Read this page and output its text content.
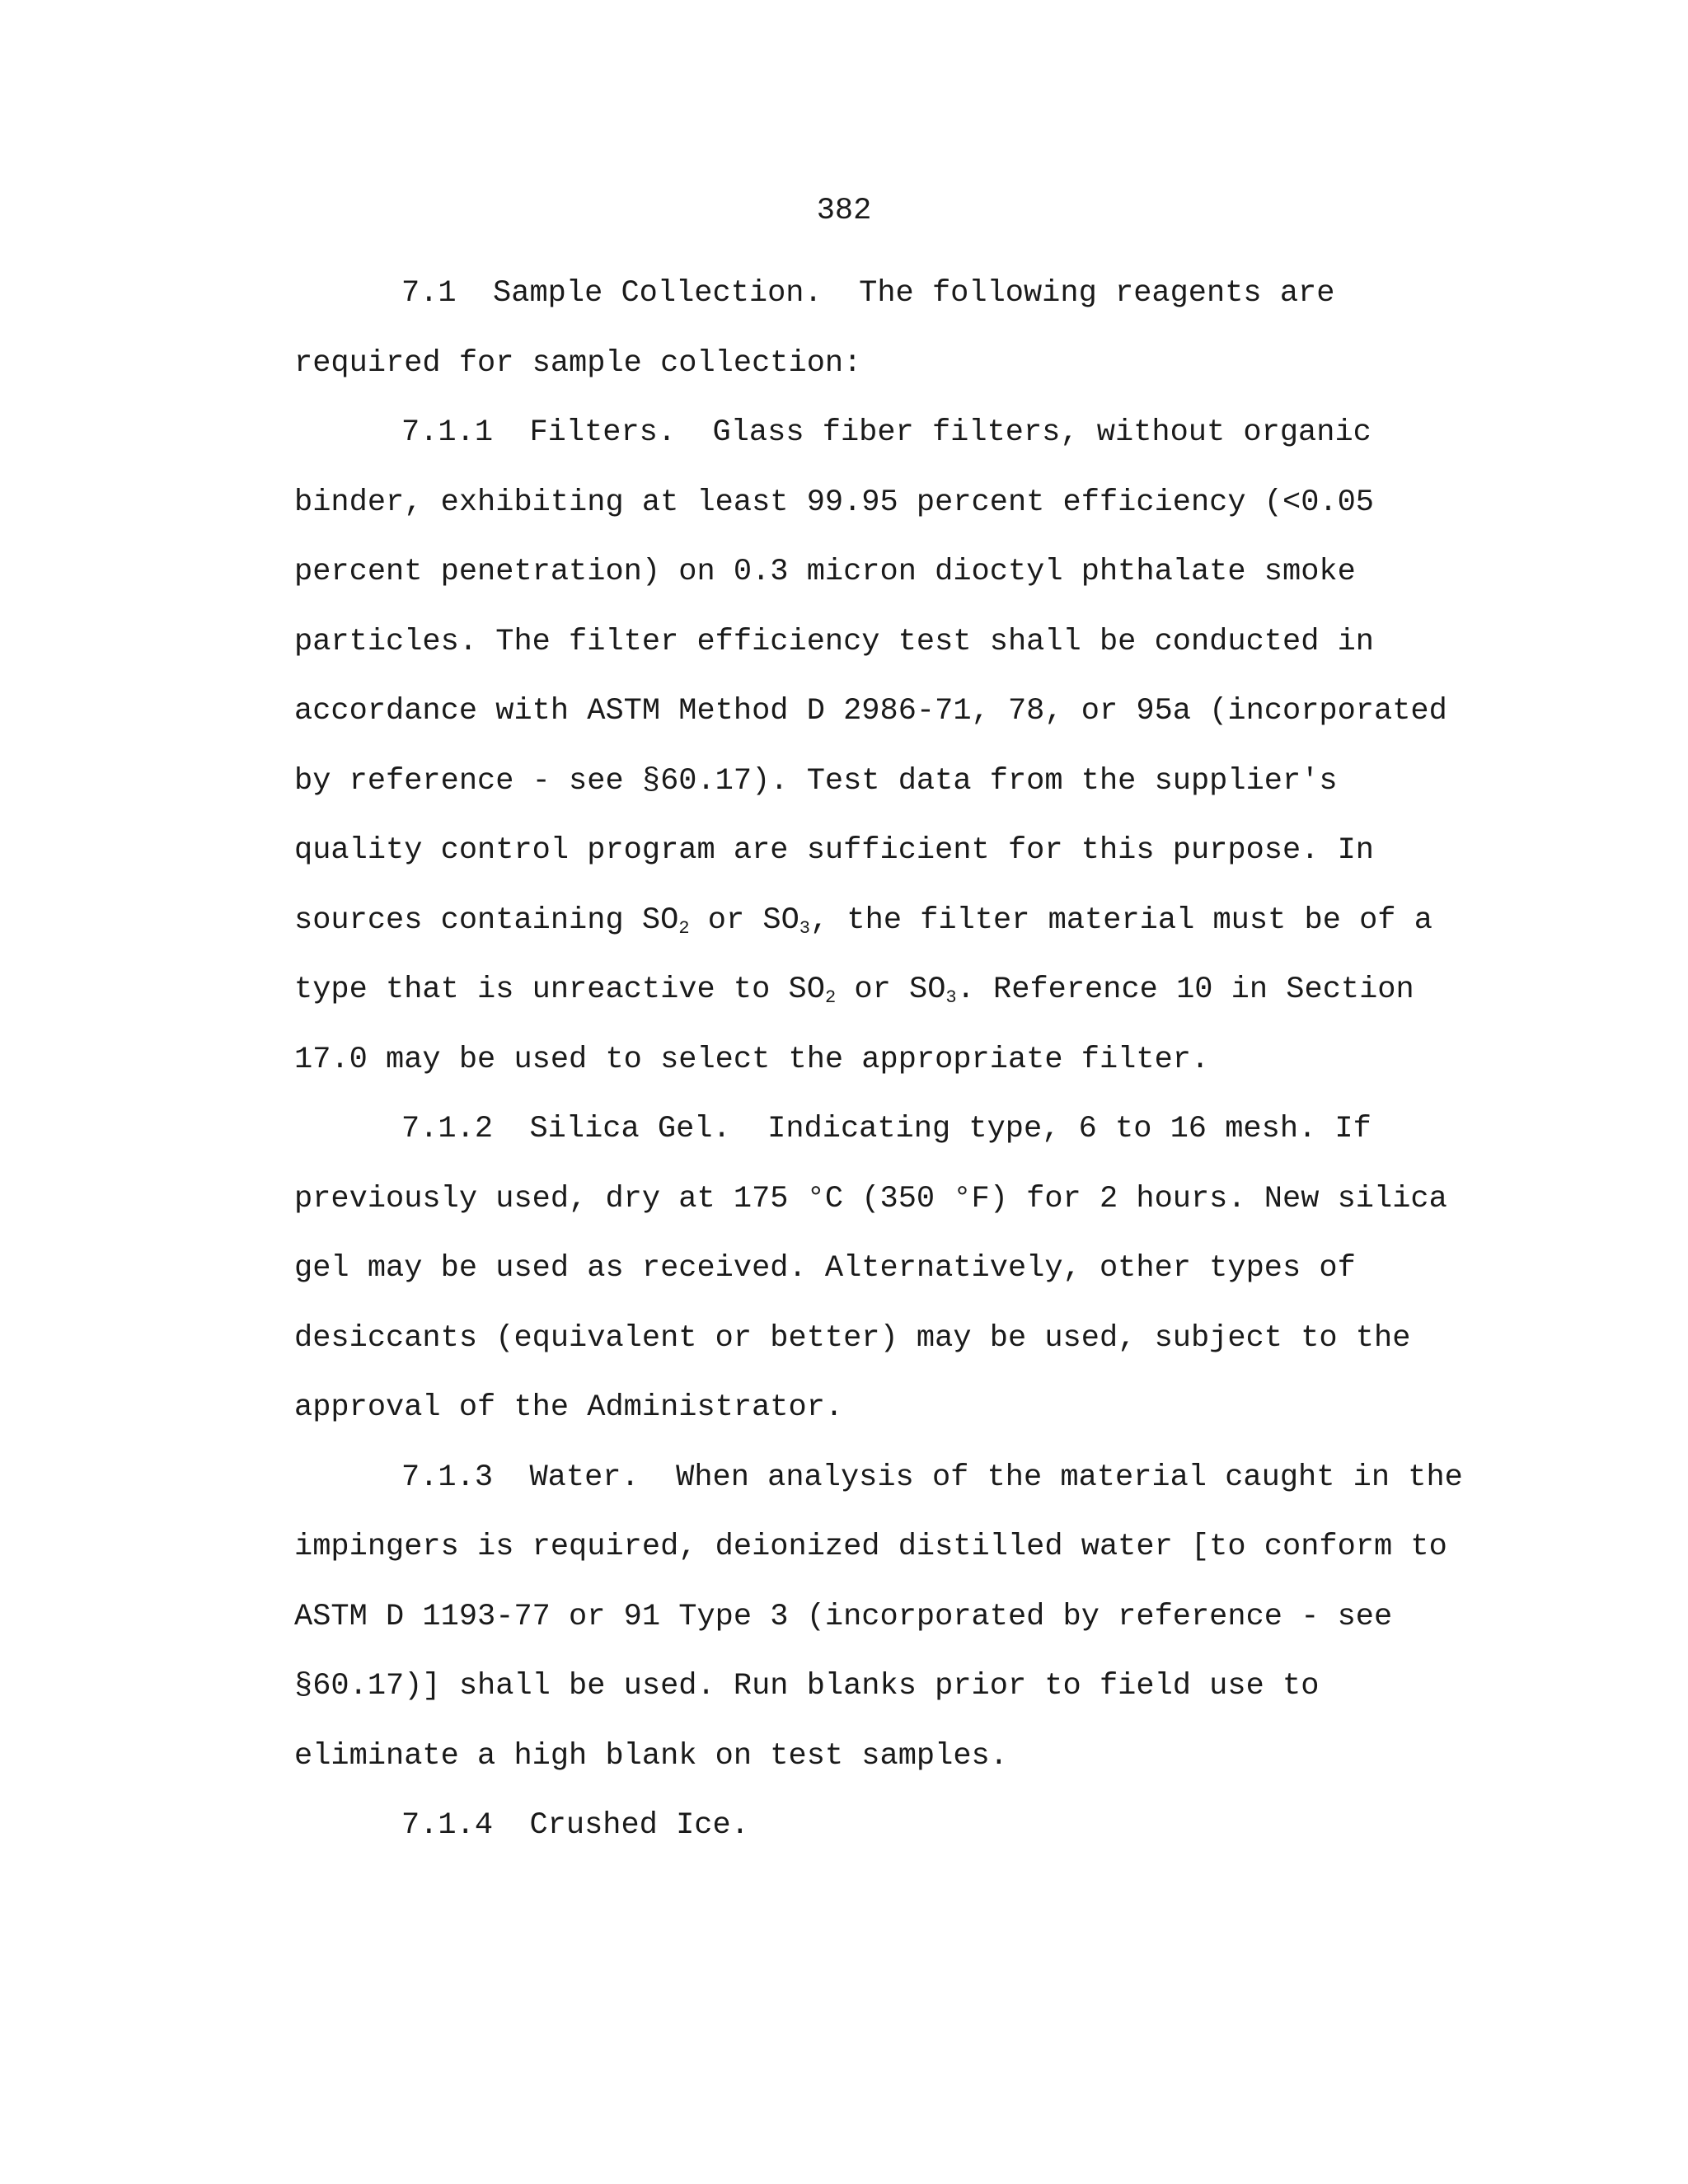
382

7.1 Sample Collection. The following reagents are required for sample collection:

7.1.1 Filters. Glass fiber filters, without organic binder, exhibiting at least 99.95 percent efficiency (<0.05 percent penetration) on 0.3 micron dioctyl phthalate smoke particles. The filter efficiency test shall be conducted in accordance with ASTM Method D 2986-71, 78, or 95a (incorporated by reference - see §60.17). Test data from the supplier's quality control program are sufficient for this purpose. In sources containing $SO_2$ or $SO_3$, the filter material must be of a type that is unreactive to $SO_2$ or $SO_3$. Reference 10 in Section 17.0 may be used to select the appropriate filter.

7.1.2 Silica Gel. Indicating type, 6 to 16 mesh. If previously used, dry at 175 °C (350 °F) for 2 hours. New silica gel may be used as received. Alternatively, other types of desiccants (equivalent or better) may be used, subject to the approval of the Administrator.

7.1.3 Water. When analysis of the material caught in the impingers is required, deionized distilled water [to conform to ASTM D 1193-77 or 91 Type 3 (incorporated by reference - see §60.17)] shall be used. Run blanks prior to field use to eliminate a high blank on test samples.

7.1.4 Crushed Ice.
